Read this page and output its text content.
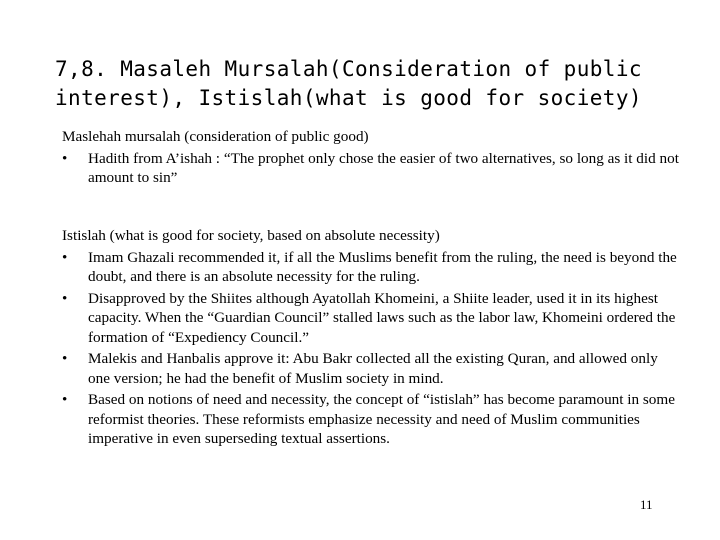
7,8. Masaleh Mursalah(Consideration of public interest), Istislah(what is good for society)

Maslehah mursalah (consideration of public good)

• Hadith from A’ishah : “The prophet only chose the easier of two alternatives, so long as it did not amount to sin”

Istislah (what is good for society, based on absolute necessity)

• Imam Ghazali recommended it, if all the Muslims benefit from the ruling, the need is beyond the doubt, and there is an absolute necessity for the ruling.
• Disapproved by the Shiites although Ayatollah Khomeini, a Shiite leader, used it in its highest capacity. When the “Guardian Council” stalled laws such as the labor law, Khomeini ordered the formation of “Expediency Council.”
• Malekis and Hanbalis approve it: Abu Bakr collected all the existing Quran, and allowed only one version; he had the benefit of Muslim society in mind.
• Based on notions of need and necessity, the concept of “istislah” has become paramount in some reformist theories. These reformists emphasize necessity and need of Muslim communities imperative in even superseding textual assertions.
11
